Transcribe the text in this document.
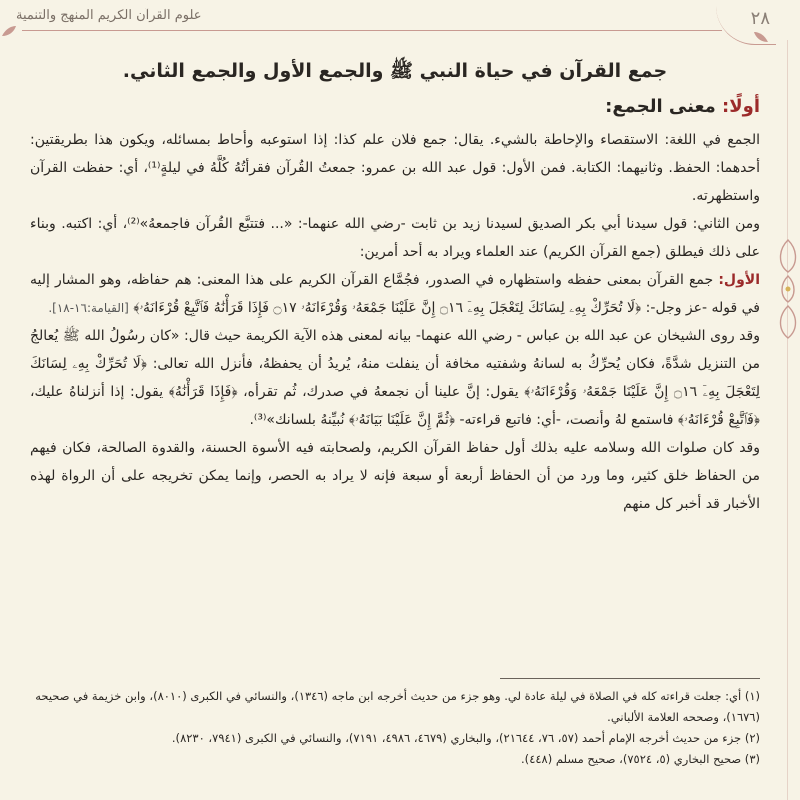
علوم القرآن الكريم المنهج والتنمية	٢٨
جمع القرآن في حياة النبي ﷺ والجمع الأول والجمع الثاني.
أولًا: معنى الجمع:

الجمع في اللغة: الاستقصاء والإحاطة بالشيء. يقال: جمع فلان علم كذا: إذا استوعبه وأحاط بمسائله، ويكون هذا بطريقتين: أحدهما: الحفظ. وثانيهما: الكتابة. فمن الأول: قول عبد الله بن عمرو: جمعتُ القُرآن فقرأتُهُ كُلَّهُ في ليلةٍ⁽¹⁾، أي: حفظت القرآن واستظهرته.

ومن الثاني: قول سيدنا أبي بكر الصديق لسيدنا زيد بن ثابت -رضي الله عنهما-: «... فتتبَّع القُرآن فاجمعهُ»⁽²⁾، أي: اكتبه. وبناء على ذلك فيطلق (جمع القرآن الكريم) عند العلماء ويراد به أحد أمرين:

الأول: جمع القرآن بمعنى حفظه واستظهاره في الصدور، فجُمَّاع القرآن الكريم على هذا المعنى: هم حفاظه، وهو المشار إليه في قوله -عز وجل-: ﴿لَا تُحَرِّكْ بِهِۦ لِسَانَكَ لِتَعْجَلَ بِهِۦٓ ۝١٦ إِنَّ عَلَيْنَا جَمْعَهُۥ وَقُرْءَانَهُۥ ۝١٧ فَإِذَا قَرَأْنَٰهُ فَٱتَّبِعْ قُرْءَانَهُۥ﴾ [القيامة:١٦-١٨].

وقد روى الشيخان عن عبد الله بن عباس - رضي الله عنهما- بيانه لمعنى هذه الآية الكريمة حيث قال: «كان رسُولُ الله ﷺ يُعالجُ من التنزيل شدَّةً، فكان يُحرِّكُ به لسانهُ وشفتيه مخافة أن ينفلت منهُ، يُريدُ أن يحفظهُ، فأنزل الله تعالى: ﴿لَا تُحَرِّكْ بِهِۦ لِسَانَكَ لِتَعْجَلَ بِهِۦٓ ۝١٦ إِنَّ عَلَيْنَا جَمْعَهُۥ وَقُرْءَانَهُۥ﴾ يقول: إنَّ علينا أن نجمعهُ في صدرك، ثُم تقرأه، ﴿فَإِذَا قَرَأْنَٰهُ﴾ يقول: إذا أنزلناهُ عليك، ﴿فَٱتَّبِعْ قُرْءَانَهُۥ﴾ فاستمع لهُ وأنصت، -أي: فاتبع قراءته- ﴿ثُمَّ إِنَّ عَلَيْنَا بَيَانَهُۥ﴾ نُبيِّنهُ بلسانك»⁽³⁾.

وقد كان صلوات الله وسلامه عليه بذلك أول حفاظ القرآن الكريم، ولصحابته فيه الأسوة الحسنة، والقدوة الصالحة، فكان فيهم من الحفاظ خلق كثير، وما ورد من أن الحفاظ أربعة أو سبعة فإنه لا يراد به الحصر، وإنما يمكن تخريجه على أن الرواة لهذه الأخبار قد أخبر كل منهم

(١) أي: جعلت قراءته كله في الصلاة في ليلة عادة لي. وهو جزء من حديث أخرجه ابن ماجه (١٣٤٦)، والنسائي في الكبرى (٨٠١٠)، وابن خزيمة في صحيحه (١٦٧٦)، وصححه العلامة الألباني.

(٢) جزء من حديث أخرجه الإمام أحمد (٥٧، ٧٦، ٢١٦٤٤)، والبخاري (٤٦٧٩، ٤٩٨٦، ٧١٩١)، والنسائي في الكبرى (٧٩٤١، ٨٢٣٠).

(٣) صحيح البخاري (٥، ٧٥٢٤)، صحيح مسلم (٤٤٨).
